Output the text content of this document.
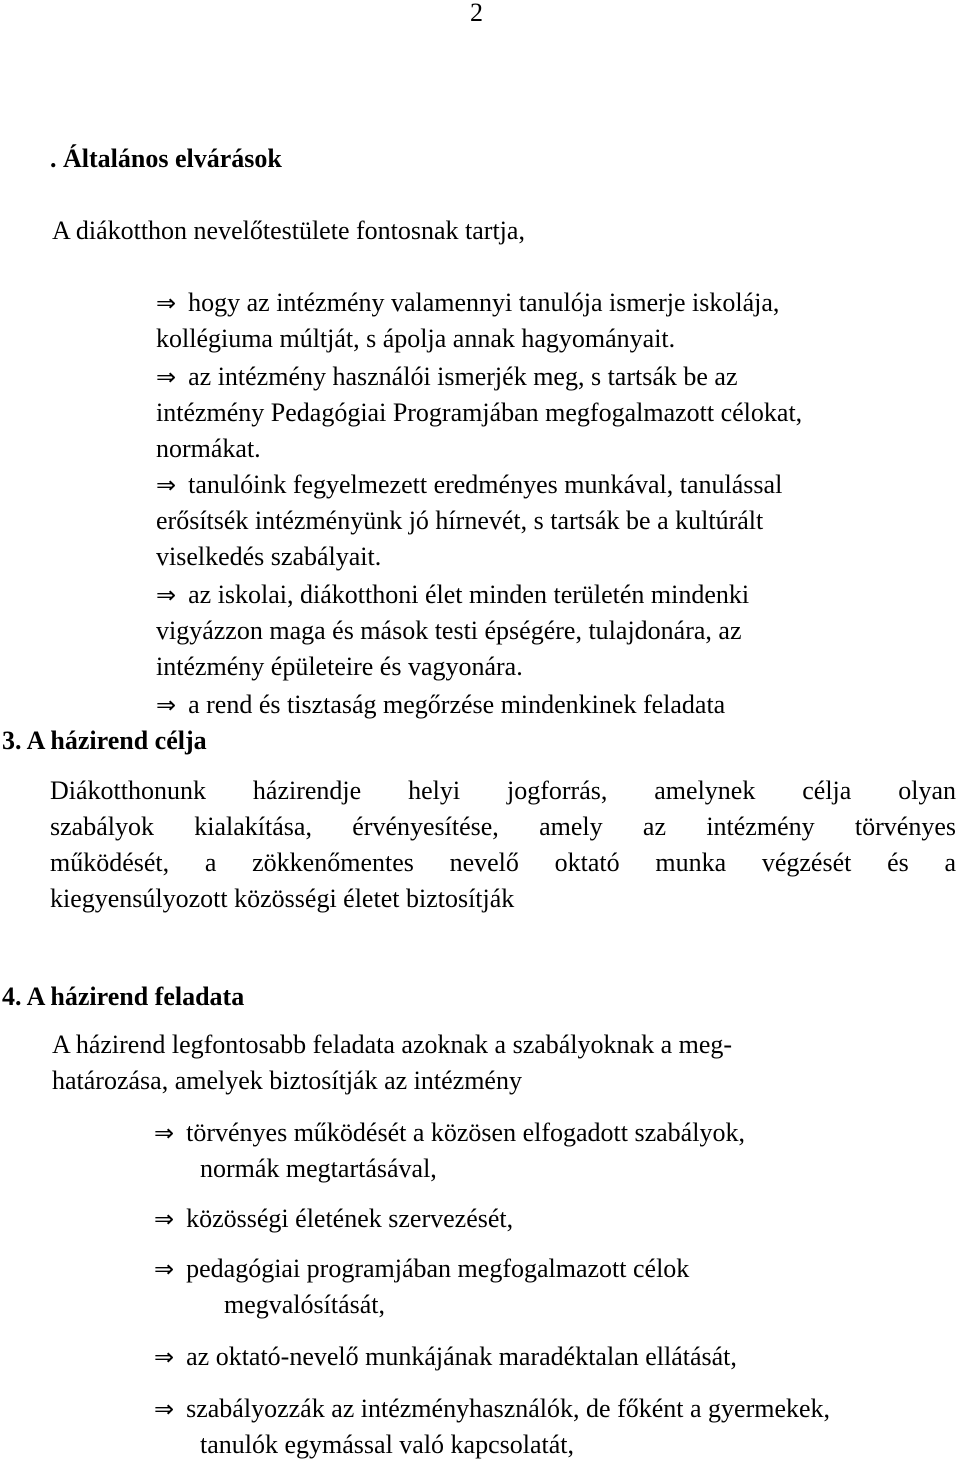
2
. Általános elvárások
A diákotthon nevelőtestülete fontosnak tartja,
⇒ hogy az intézmény valamennyi tanulója ismerje iskolája,
kollégiuma múltját, s ápolja annak hagyományait.
⇒ az intézmény használói ismerjék meg, s tartsák be az
intézmény Pedagógiai Programjában megfogalmazott célokat,
normákat.
⇒ tanulóink fegyelmezett eredményes munkával, tanulással
erősítsék intézményünk jó hírnevét, s tartsák be a kultúrált
viselkedés szabályait.
⇒ az iskolai, diákotthoni élet minden területén mindenki
vigyázzon maga és mások testi épségére, tulajdonára, az
intézmény épületeire és vagyonára.
⇒ a rend és tisztaság megőrzése mindenkinek feladata
3. A házirend célja
Diákotthonunk házirendje helyi jogforrás, amelynek célja olyan
szabályok kialakítása, érvényesítése, amely az intézmény törvényes
működését, a zökkenőmentes nevelő oktató munka végzését és a
kiegyensúlyozott közösségi életet biztosítják
4. A házirend feladata
A házirend legfontosabb feladata azoknak a szabályoknak a meg-
határozása, amelyek biztosítják az intézmény
⇒ törvényes működését a közösen elfogadott szabályok,
normák megtartásával,
⇒ közösségi életének szervezését,
⇒ pedagógiai programjában megfogalmazott célok
megvalósítását,
⇒ az oktató-nevelő munkájának maradéktalan ellátását,
⇒ szabályozzák az intézményhasználók, de főként a gyermekek,
tanulók egymással való kapcsolatát,
